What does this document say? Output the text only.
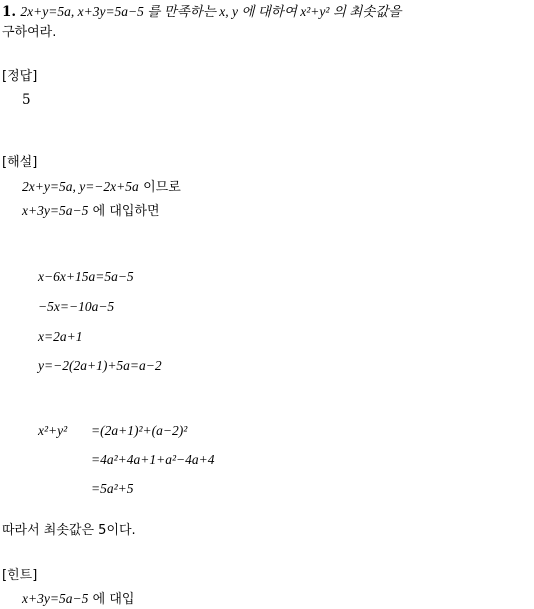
1. 2x+y=5a, x+3y=5a−5 를 만족하는 x, y 에 대하여 x²+y² 의 최솟값을
구하여라.
[정답]
5
[해설]
2x+y=5a, y=−2x+5a 이므로
x+3y=5a−5 에 대입하면
x−6x+15a=5a−5
−5x=−10a−5
x=2a+1
y=−2(2a+1)+5a=a−2
x²+y² =(2a+1)²+(a−2)²
=4a²+4a+1+a²−4a+4
=5a²+5
따라서 최솟값은 5이다.
[힌트]
x+3y=5a−5 에 대입
